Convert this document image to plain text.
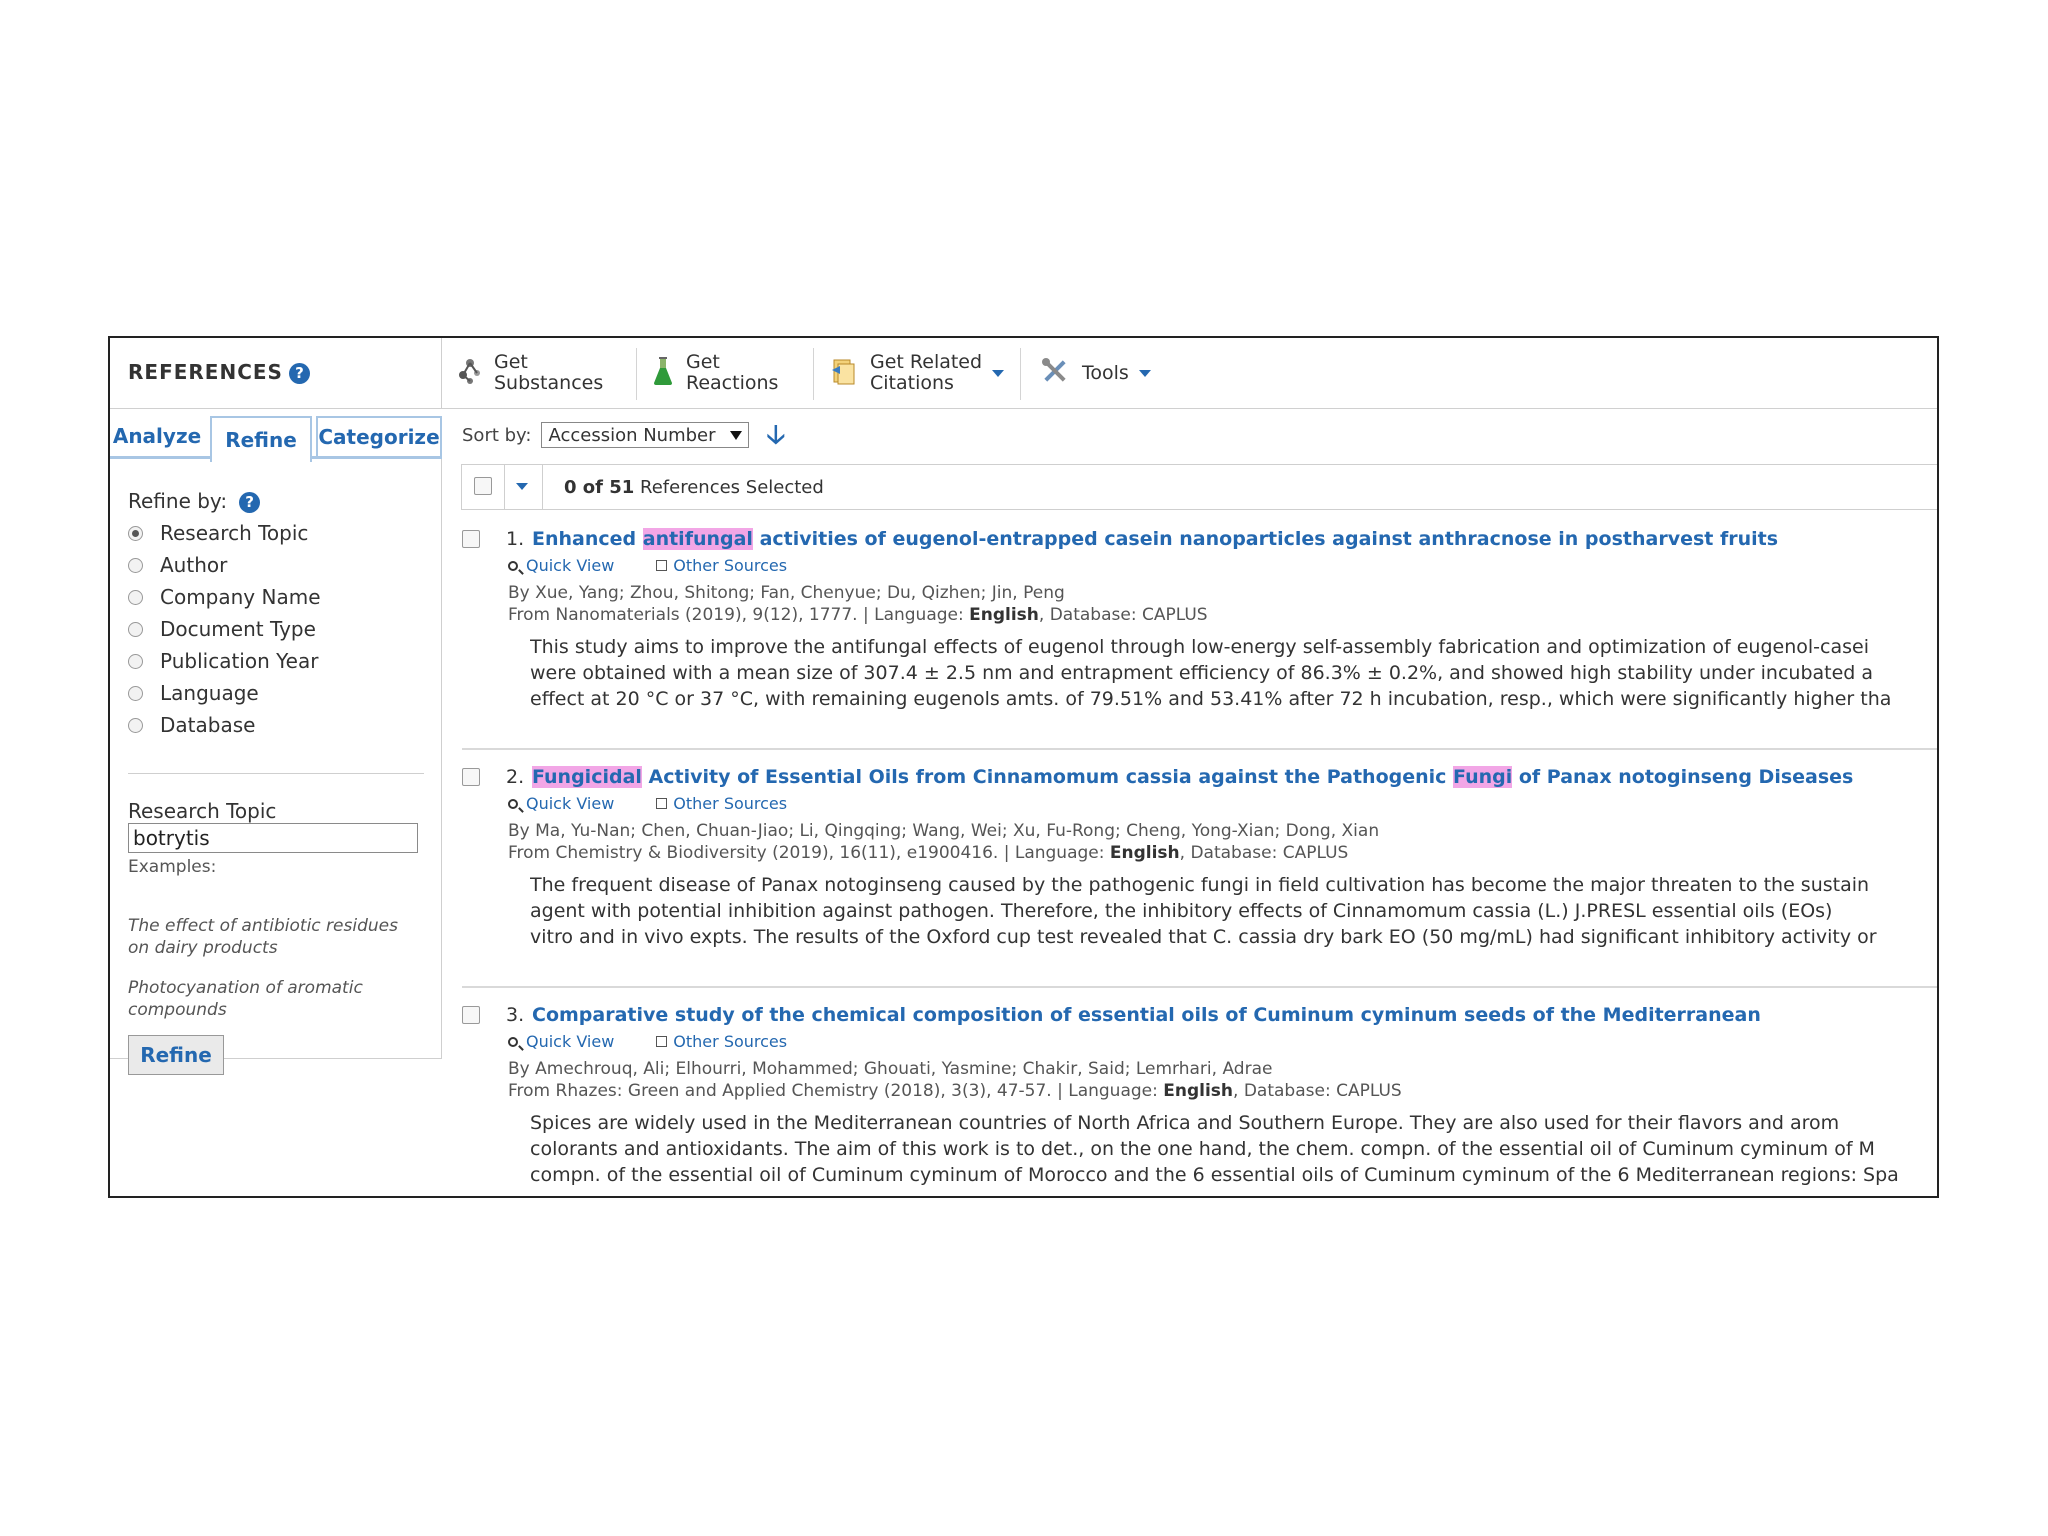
REFERENCES ?	Get
Substances
Get
Reactions
Get Related
Citations	Tools
Analyze	Refine	Categorize
Refine by: ?
Research Topic
Author
Company Name
Document Type
Publication Year
Language
Database
Research Topic
botrytis
Examples:
The effect of antibiotic residues on dairy products
Photocyanation of aromatic compounds
Refine
Sort by: Accession Number 🡣
0 of 51 References Selected
1. Enhanced antifungal activities of eugenol-entrapped casein nanoparticles against anthracnose in postharvest fruits
Quick View	Other Sources
By Xue, Yang; Zhou, Shitong; Fan, Chenyue; Du, Qizhen; Jin, Peng
From Nanomaterials (2019), 9(12), 1777. | Language: English, Database: CAPLUS
This study aims to improve the antifungal effects of eugenol through low-energy self-assembly fabrication and optimization of eugenol-casei
were obtained with a mean size of 307.4 ± 2.5 nm and entrapment efficiency of 86.3% ± 0.2%, and showed high stability under incubated a
effect at 20 °C or 37 °C, with remaining eugenols amts. of 79.51% and 53.41% after 72 h incubation, resp., which were significantly higher tha
2. Fungicidal Activity of Essential Oils from Cinnamomum cassia against the Pathogenic Fungi of Panax notoginseng Diseases
Quick View	Other Sources
By Ma, Yu-Nan; Chen, Chuan-Jiao; Li, Qingqing; Wang, Wei; Xu, Fu-Rong; Cheng, Yong-Xian; Dong, Xian
From Chemistry & Biodiversity (2019), 16(11), e1900416. | Language: English, Database: CAPLUS
The frequent disease of Panax notoginseng caused by the pathogenic fungi in field cultivation has become the major threaten to the sustain
agent with potential inhibition against pathogen. Therefore, the inhibitory effects of Cinnamomum cassia (L.) J.PRESL essential oils (EOs)
vitro and in vivo expts. The results of the Oxford cup test revealed that C. cassia dry bark EO (50 mg/mL) had significant inhibitory activity or
3. Comparative study of the chemical composition of essential oils of Cuminum cyminum seeds of the Mediterranean
Quick View	Other Sources
By Amechrouq, Ali; Elhourri, Mohammed; Ghouati, Yasmine; Chakir, Said; Lemrhari, Adrae
From Rhazes: Green and Applied Chemistry (2018), 3(3), 47-57. | Language: English, Database: CAPLUS
Spices are widely used in the Mediterranean countries of North Africa and Southern Europe. They are also used for their flavors and arom
colorants and antioxidants. The aim of this work is to det., on the one hand, the chem. compn. of the essential oil of Cuminum cyminum of M
compn. of the essential oil of Cuminum cyminum of Morocco and the 6 essential oils of Cuminum cyminum of the 6 Mediterranean regions: Spa
